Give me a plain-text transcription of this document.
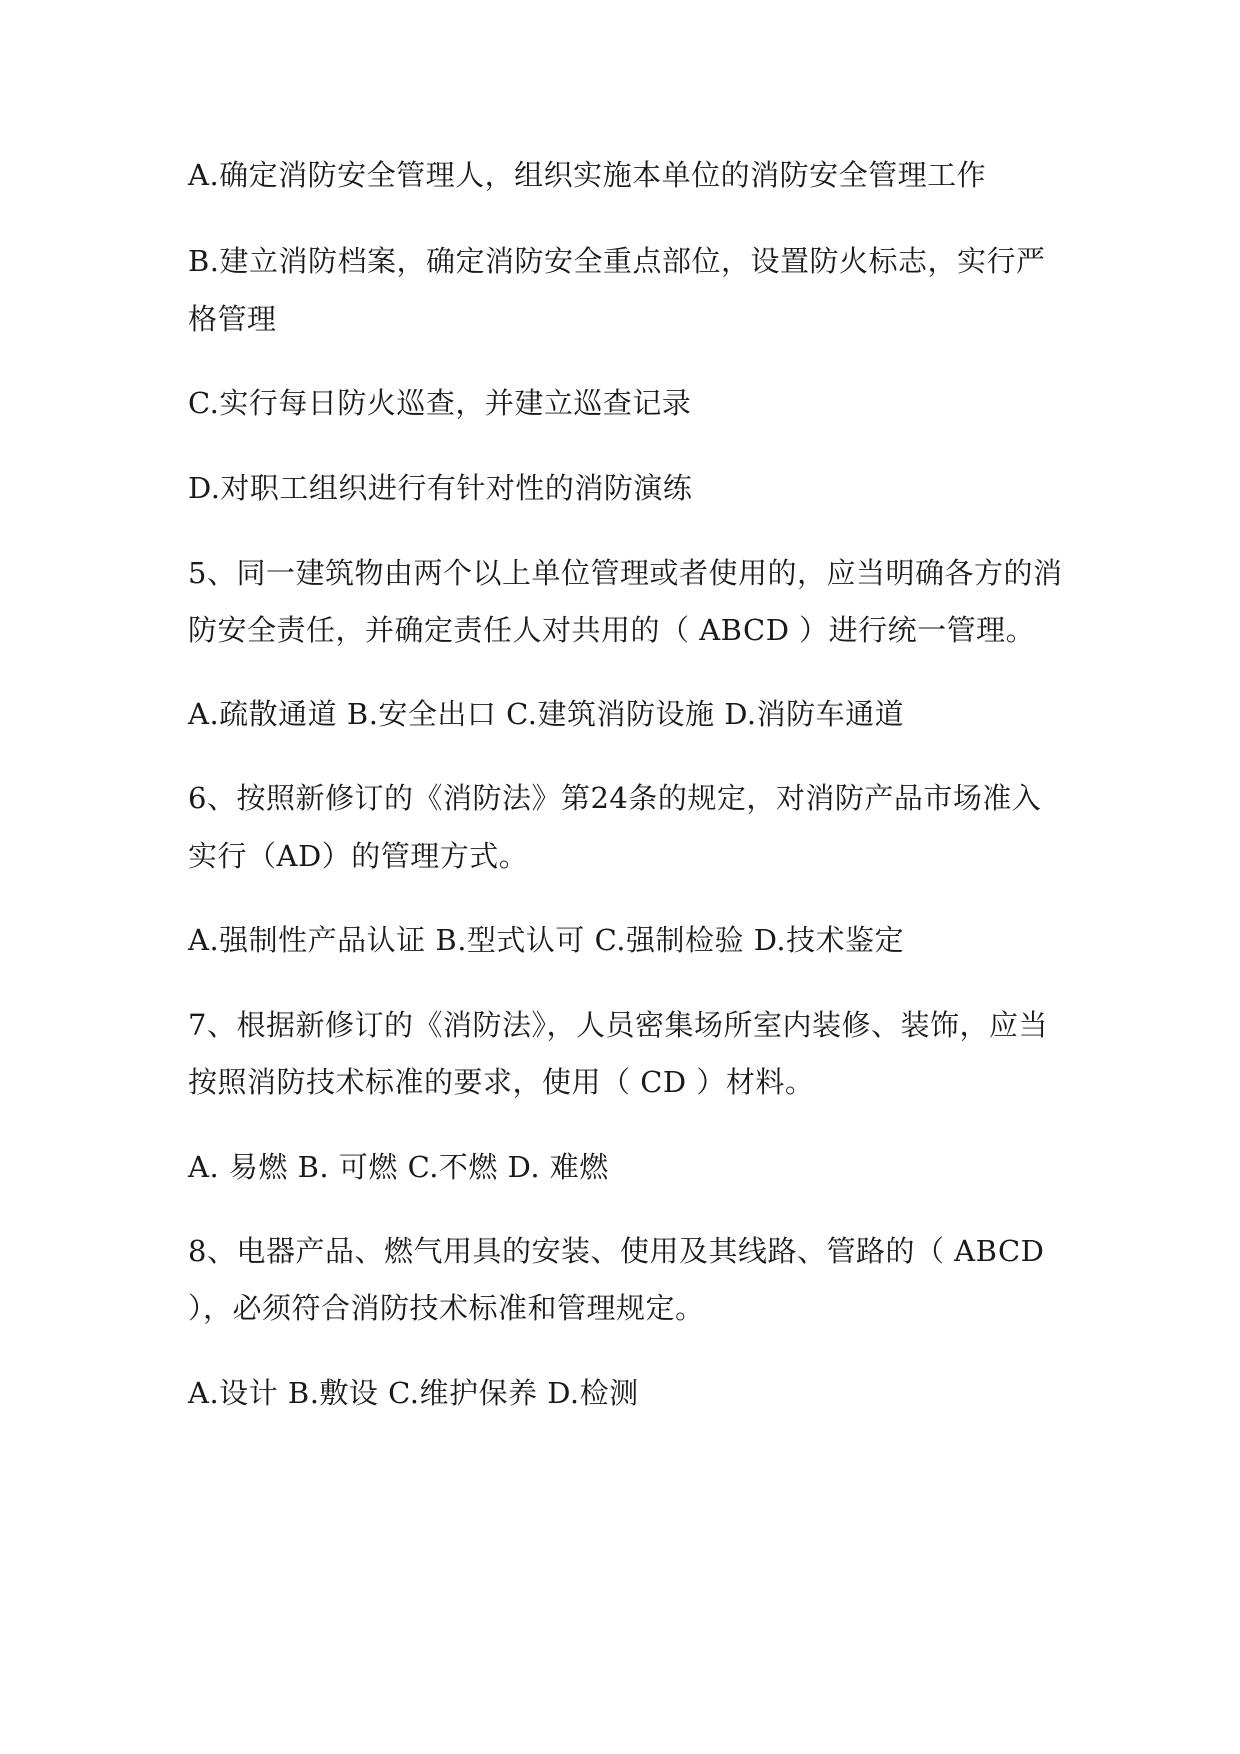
A.确定消防安全管理人，组织实施本单位的消防安全管理工作
B.建立消防档案，确定消防安全重点部位，设置防火标志，实行严
格管理
C.实行每日防火巡查，并建立巡查记录
D.对职工组织进行有针对性的消防演练
5、同一建筑物由两个以上单位管理或者使用的，应当明确各方的消
防安全责任，并确定责任人对共用的（ ABCD ）进行统一管理。
A.疏散通道 B.安全出口 C.建筑消防设施 D.消防车通道
6、按照新修订的《消防法》第24条的规定，对消防产品市场准入
实行（AD）的管理方式。
A.强制性产品认证 B.型式认可 C.强制检验 D.技术鉴定
7、根据新修订的《消防法》，人员密集场所室内装修、装饰，应当
按照消防技术标准的要求，使用（ CD ）材料。
A. 易燃 B. 可燃 C.不燃 D. 难燃
8、电器产品、燃气用具的安装、使用及其线路、管路的（ ABCD
），必须符合消防技术标准和管理规定。
A.设计 B.敷设 C.维护保养 D.检测
